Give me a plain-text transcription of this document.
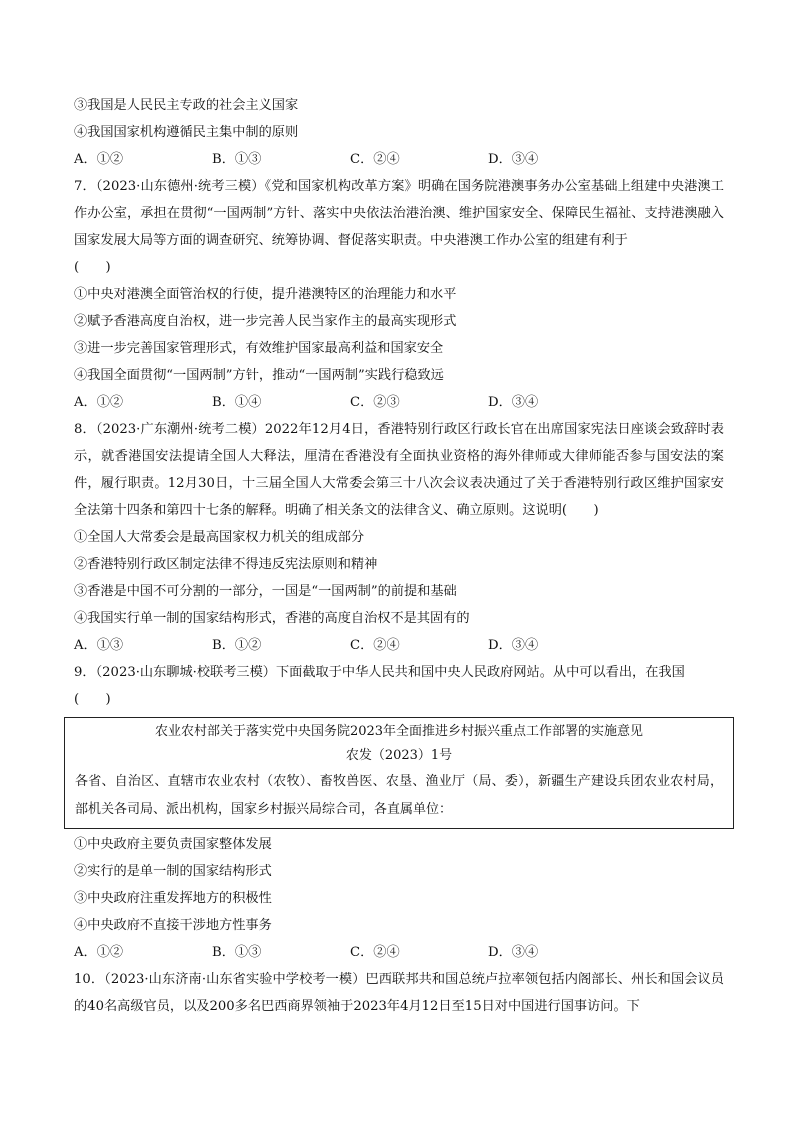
③我国是人民民主专政的社会主义国家
④我国国家机构遵循民主集中制的原则
A．①②	B．①③	C．②④	D．③④
7．（2023·山东德州·统考三模）《党和国家机构改革方案》明确在国务院港澳事务办公室基础上组建中央港澳工作办公室，承担在贯彻“一国两制”方针、落实中央依法治港治澳、维护国家安全、保障民生福祉、支持港澳融入国家发展大局等方面的调查研究、统筹协调、督促落实职责。中央港澳工作办公室的组建有利于
(　　)
①中央对港澳全面管治权的行使，提升港澳特区的治理能力和水平
②赋予香港高度自治权，进一步完善人民当家作主的最高实现形式
③进一步完善国家管理形式，有效维护国家最高利益和国家安全
④我国全面贯彻“一国两制”方针，推动“一国两制”实践行稳致远
A．①②	B．①④	C．②③	D．③④
8．（2023·广东潮州·统考二模）2022年12月4日，香港特别行政区行政长官在出席国家宪法日座谈会致辞时表示，就香港国安法提请全国人大释法，厘清在香港没有全面执业资格的海外律师或大律师能否参与国安法的案件，履行职责。12月30日，十三届全国人大常委会第三十八次会议表决通过了关于香港特别行政区维护国家安全法第十四条和第四十七条的解释。明确了相关条文的法律含义、确立原则。这说明(　　)
①全国人大常委会是最高国家权力机关的组成部分
②香港特别行政区制定法律不得违反宪法原则和精神
③香港是中国不可分割的一部分，一国是“一国两制”的前提和基础
④我国实行单一制的国家结构形式，香港的高度自治权不是其固有的
A．①③	B．①②	C．②④	D．③④
9．（2023·山东聊城·校联考三模）下面截取于中华人民共和国中央人民政府网站。从中可以看出，在我国
(　　)
农业农村部关于落实党中央国务院2023年全面推进乡村振兴重点工作部署的实施意见
农发（2023）1号
各省、自治区、直辖市农业农村（农牧）、畜牧兽医、农垦、渔业厅（局、委），新疆生产建设兵团农业农村局，部机关各司局、派出机构，国家乡村振兴局综合司，各直属单位：
①中央政府主要负责国家整体发展
②实行的是单一制的国家结构形式
③中央政府注重发挥地方的积极性
④中央政府不直接干涉地方性事务
A．①②	B．①③	C．②④	D．③④
10．（2023·山东济南·山东省实验中学校考一模）巴西联邦共和国总统卢拉率领包括内阁部长、州长和国会议员的40名高级官员，以及200多名巴西商界领袖于2023年4月12日至15日对中国进行国事访问。下
